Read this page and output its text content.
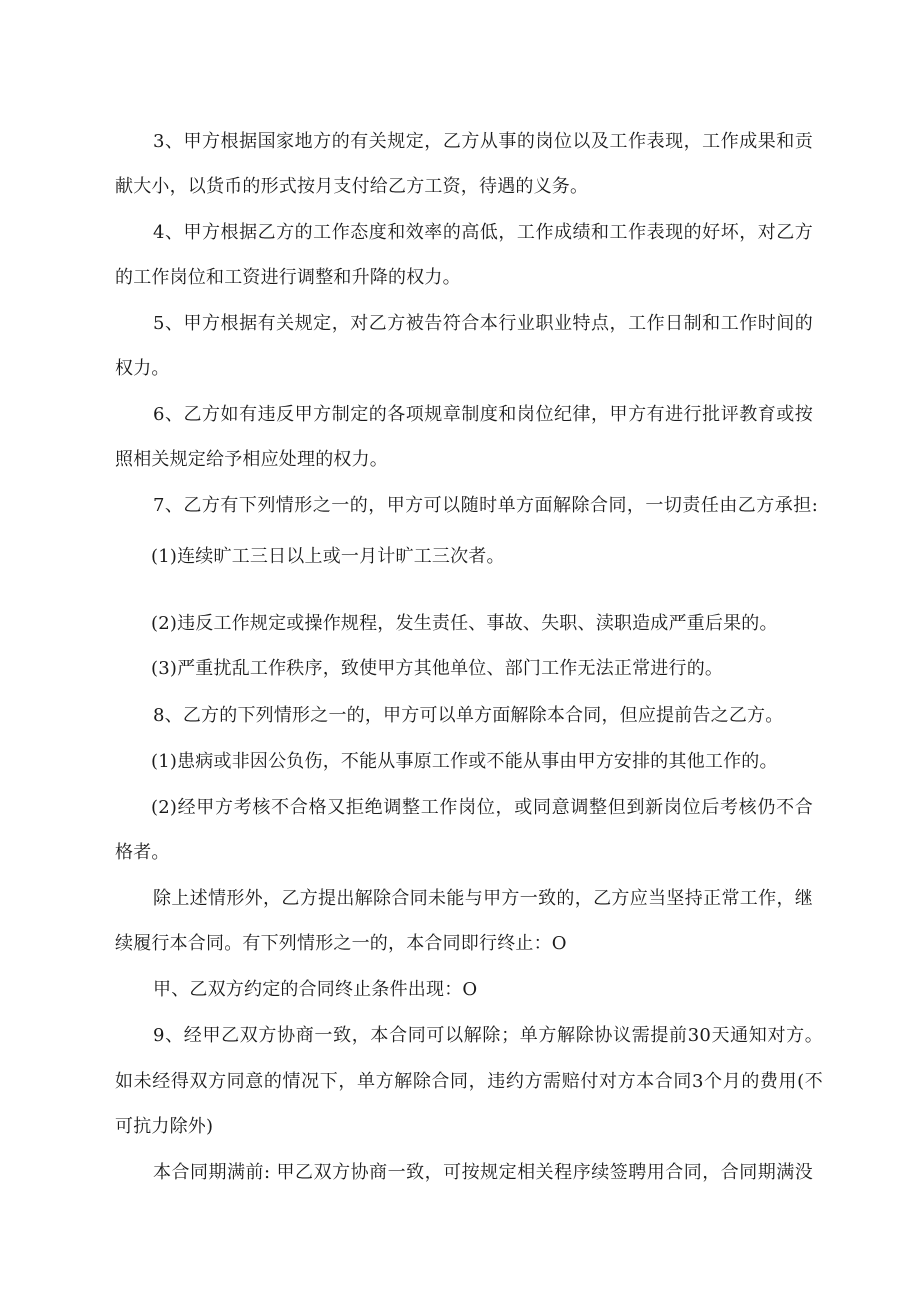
3、甲方根据国家地方的有关规定，乙方从事的岗位以及工作表现，工作成果和贡
献大小，以货币的形式按月支付给乙方工资，待遇的义务。
4、甲方根据乙方的工作态度和效率的高低，工作成绩和工作表现的好坏，对乙方
的工作岗位和工资进行调整和升降的权力。
5、甲方根据有关规定，对乙方被告符合本行业职业特点，工作日制和工作时间的
权力。
6、乙方如有违反甲方制定的各项规章制度和岗位纪律，甲方有进行批评教育或按
照相关规定给予相应处理的权力。
7、乙方有下列情形之一的，甲方可以随时单方面解除合同，一切责任由乙方承担:
(1)连续旷工三日以上或一月计旷工三次者。
(2)违反工作规定或操作规程，发生责任、事故、失职、渎职造成严重后果的。
(3)严重扰乱工作秩序，致使甲方其他单位、部门工作无法正常进行的。
8、乙方的下列情形之一的，甲方可以单方面解除本合同，但应提前告之乙方。
(1)患病或非因公负伤，不能从事原工作或不能从事由甲方安排的其他工作的。
(2)经甲方考核不合格又拒绝调整工作岗位，或同意调整但到新岗位后考核仍不合
格者。
除上述情形外，乙方提出解除合同未能与甲方一致的，乙方应当坚持正常工作，继
续履行本合同。有下列情形之一的，本合同即行终止：O
甲、乙双方约定的合同终止条件出现：O
9、经甲乙双方协商一致，本合同可以解除；单方解除协议需提前30天通知对方。
如未经得双方同意的情况下，单方解除合同，违约方需赔付对方本合同3个月的费用(不
可抗力除外)
本合同期满前: 甲乙双方协商一致，可按规定相关程序续签聘用合同，合同期满没
